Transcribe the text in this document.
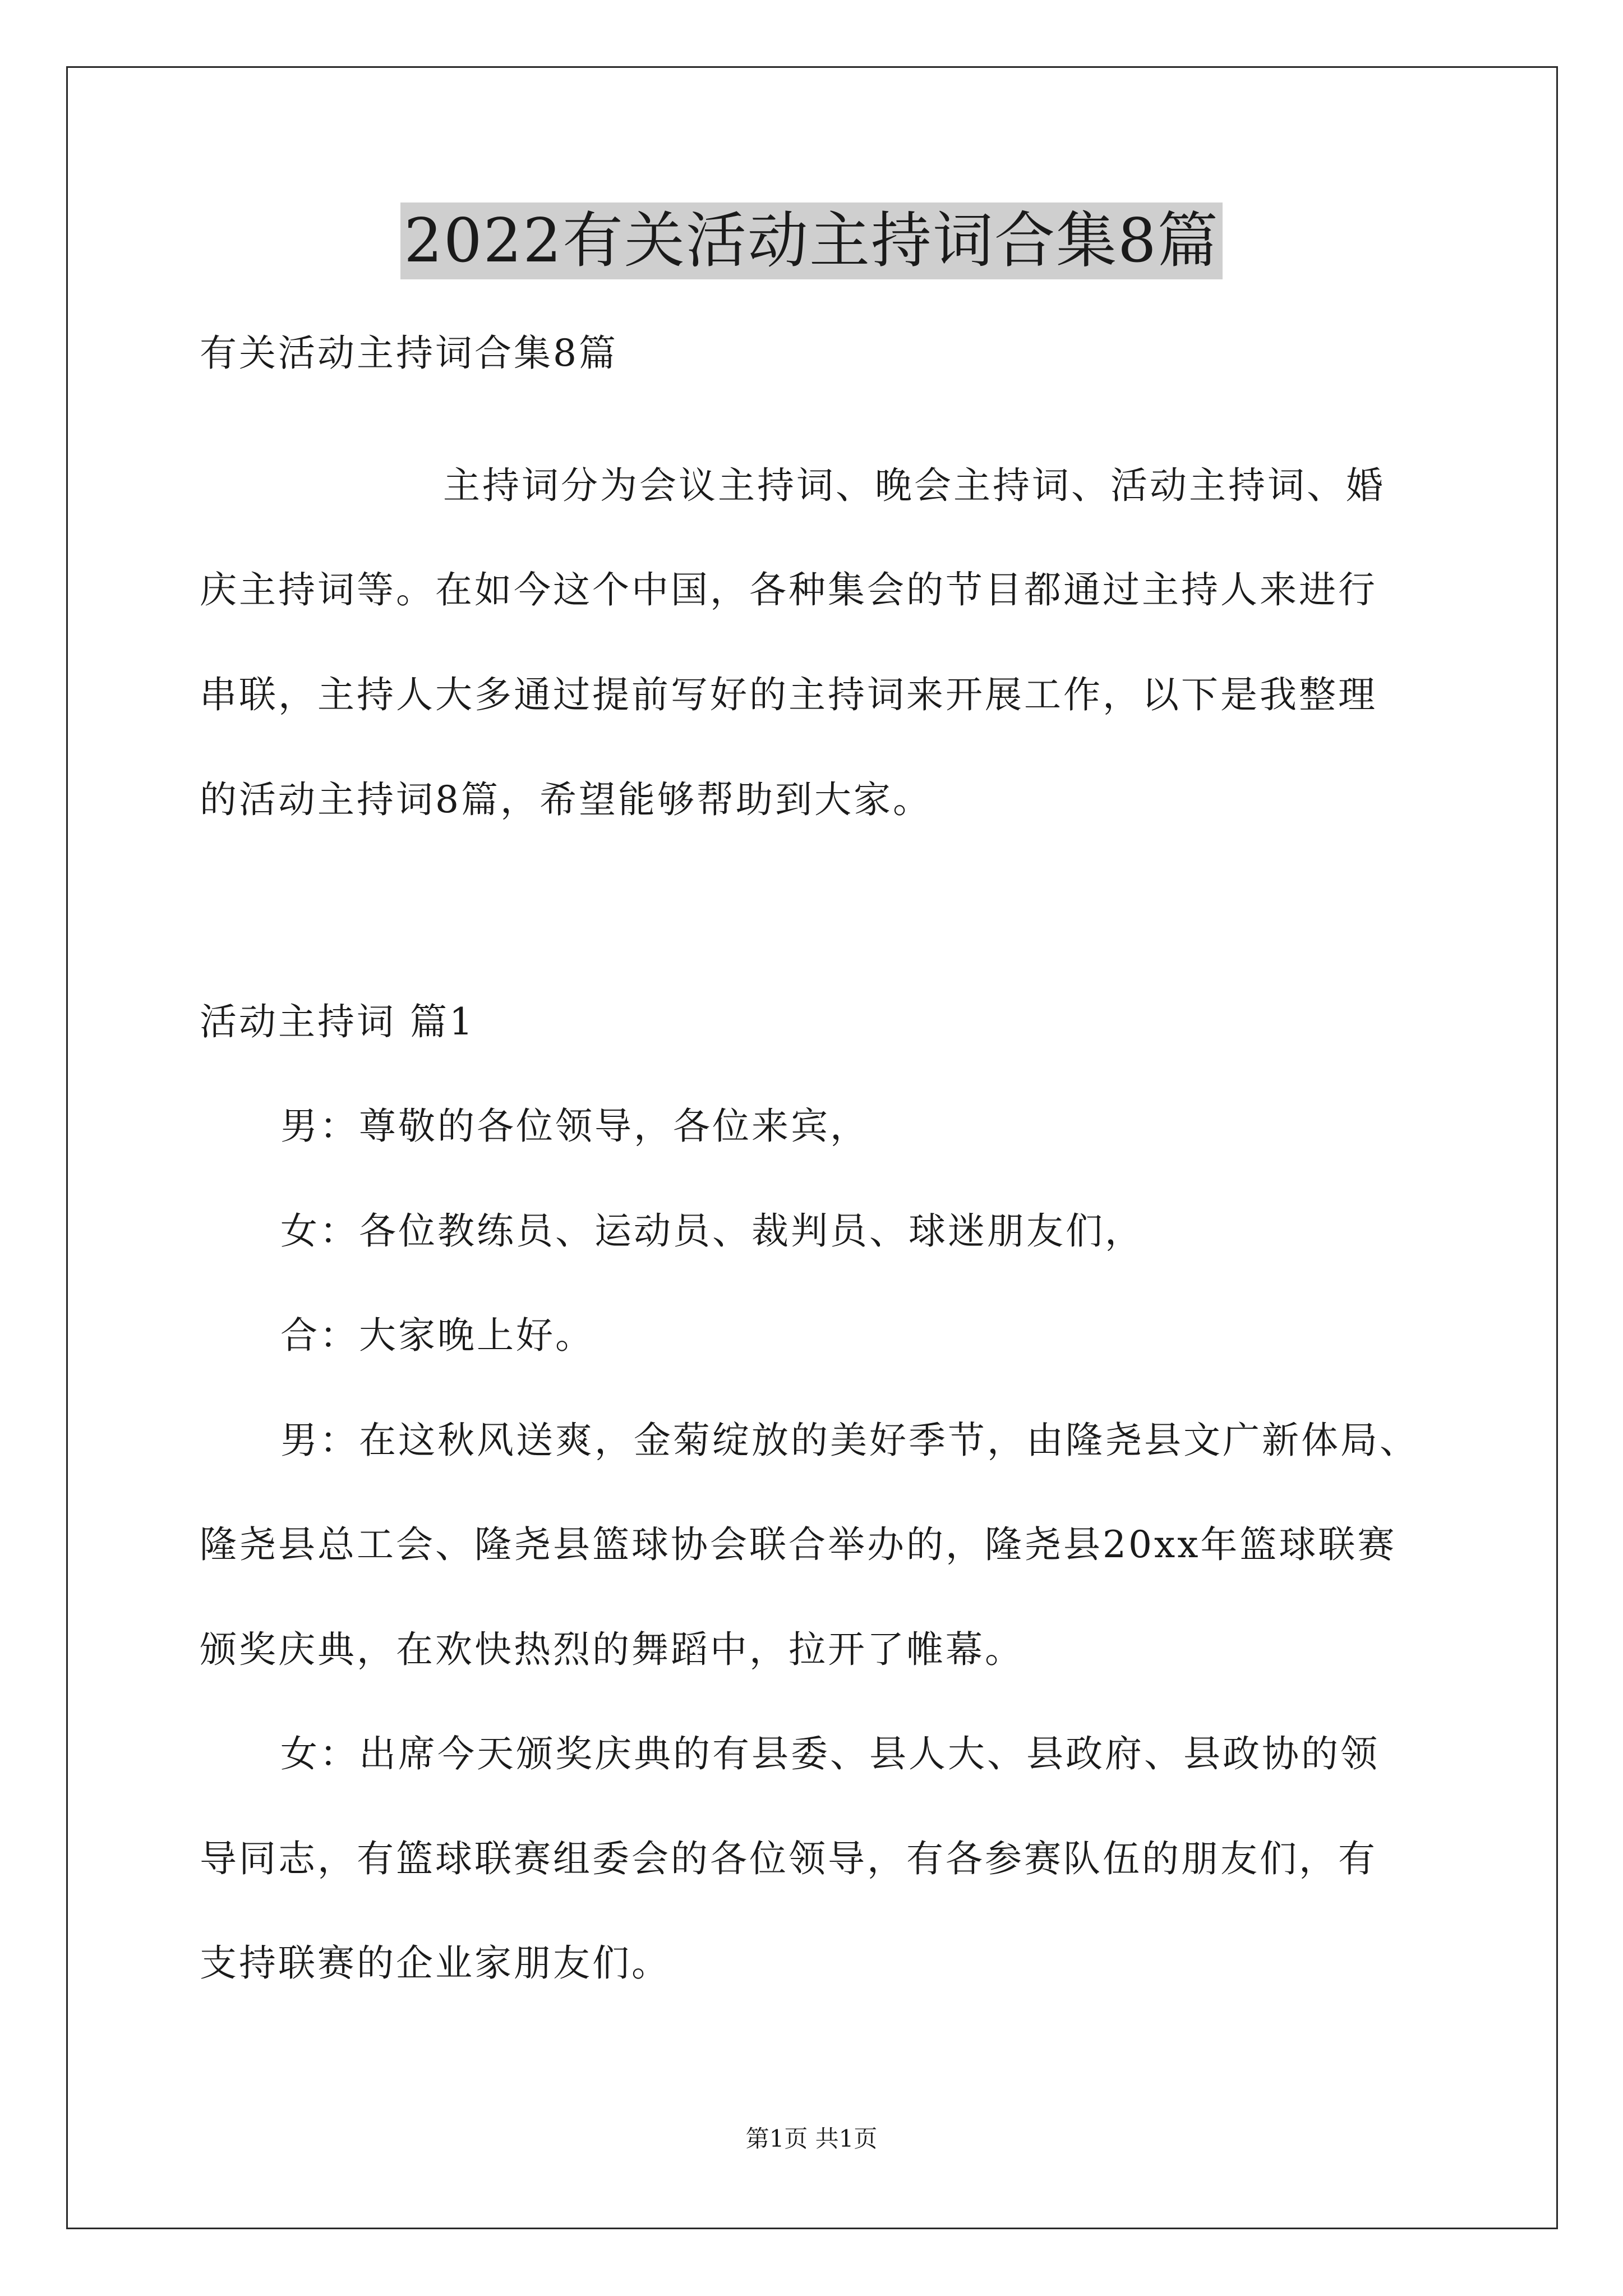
2022有关活动主持词合集8篇
有关活动主持词合集8篇
主持词分为会议主持词、晚会主持词、活动主持词、婚
庆主持词等。在如今这个中国，各种集会的节目都通过主持人来进行
串联，主持人大多通过提前写好的主持词来开展工作，以下是我整理
的活动主持词8篇，希望能够帮助到大家。
活动主持词 篇1
男：尊敬的各位领导，各位来宾，
女：各位教练员、运动员、裁判员、球迷朋友们，
合：大家晚上好。
男：在这秋风送爽，金菊绽放的美好季节，由隆尧县文广新体局、
隆尧县总工会、隆尧县篮球协会联合举办的，隆尧县20xx年篮球联赛
颁奖庆典，在欢快热烈的舞蹈中，拉开了帷幕。
女：出席今天颁奖庆典的有县委、县人大、县政府、县政协的领
导同志，有篮球联赛组委会的各位领导，有各参赛队伍的朋友们，有
支持联赛的企业家朋友们。
第1页 共1页
